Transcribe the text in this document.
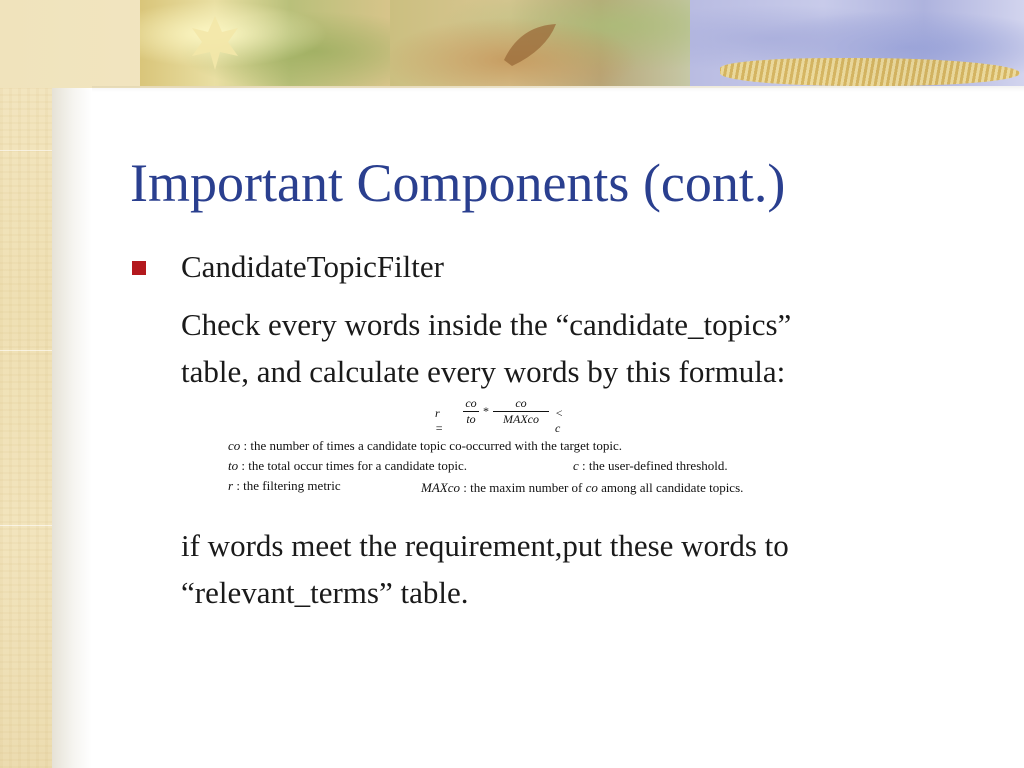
Important Components (cont.)
CandidateTopicFilter
Check every words inside the “candidate_topics”
table, and calculate every words by this formula:
r =
$\frac{co}{to}$ *
co
MAXco	< c
co : the number of times a candidate topic co-occurred with the target topic.
to : the total occur times for a candidate topic.	c : the user-defined threshold.
r : the filtering metric	MAXco : the maxim number of co among all candidate topics.
if words meet the requirement,put these words to
“relevant_terms” table.
